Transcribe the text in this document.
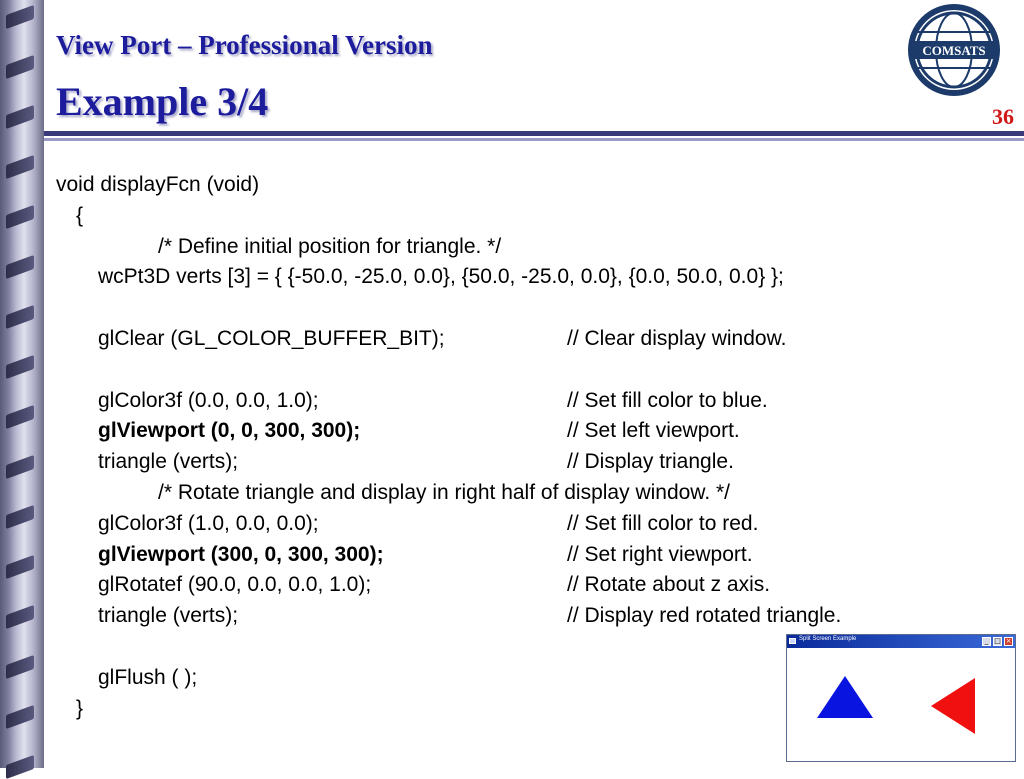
View Port – Professional Version
Example 3/4
COMSATS
36
void displayFcn (void)
{
/* Define initial position for triangle. */
wcPt3D verts [3] = { {-50.0, -25.0, 0.0}, {50.0, -25.0, 0.0}, {0.0, 50.0, 0.0} };
glClear (GL_COLOR_BUFFER_BIT);	// Clear display window.
glColor3f (0.0, 0.0, 1.0);	// Set fill color to blue.
glViewport (0, 0, 300, 300);	// Set left viewport.
triangle (verts);	// Display triangle.
/* Rotate triangle and display in right half of display window. */
glColor3f (1.0, 0.0, 0.0);	// Set fill color to red.
glViewport (300, 0, 300, 300);	// Set right viewport.
glRotatef (90.0, 0.0, 0.0, 1.0);	// Rotate about z axis.
triangle (verts);	// Display red rotated triangle.
glFlush ( );
}
Split Screen Example	_ □ ×
